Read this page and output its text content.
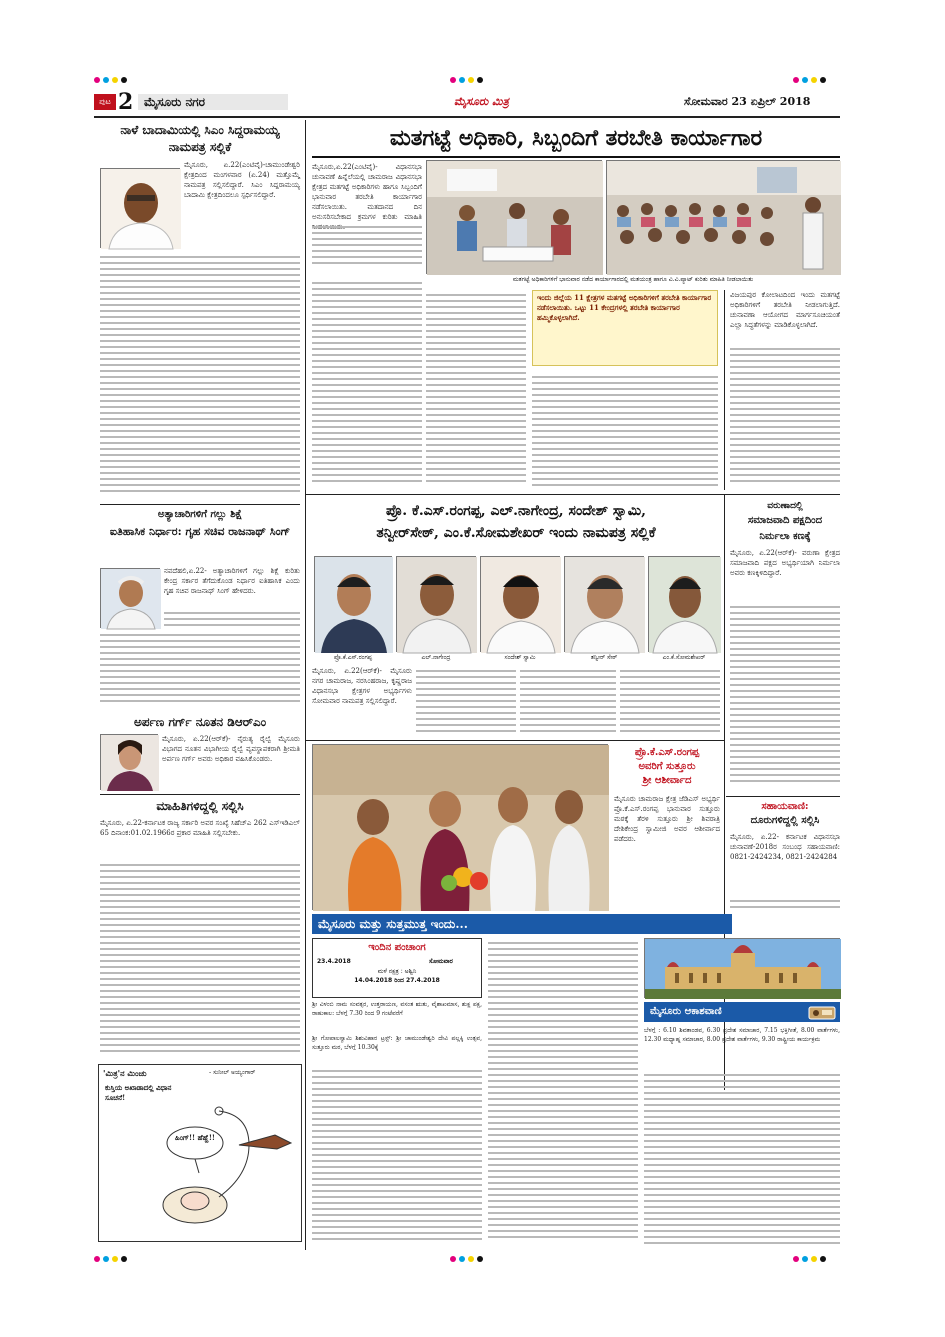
ಪುಟ 2 ಮೈಸೂರು ನಗರ	ಮೈಸೂರು ಮಿತ್ರ	ಸೋಮವಾರ 23 ಏಪ್ರಿಲ್ 2018
ನಾಳೆ ಬಾದಾಮಿಯಲ್ಲಿ ಸಿಎಂ ಸಿದ್ದರಾಮಯ್ಯ ನಾಮಪತ್ರ ಸಲ್ಲಿಕೆ
ಮೈಸೂರು, ಏ.22(ಎಂಟಿವೈ)-ಚಾಮುಂಡೇಶ್ವರಿ ಕ್ಷೇತ್ರದಿಂದ ಮಂಗಳವಾರ (ಏ.24) ಮತ್ತೊಮ್ಮೆ ನಾಮಪತ್ರ ಸಲ್ಲಿಸಲಿದ್ದಾರೆ. ಸಿಎಂ ಸಿದ್ದರಾಮಯ್ಯ ಬಾದಾಮಿ ಕ್ಷೇತ್ರದಿಂದಲೂ ಸ್ಪರ್ಧಿಸಲಿದ್ದಾರೆ.
ಅತ್ಯಾಚಾರಿಗಳಿಗೆ ಗಲ್ಲು ಶಿಕ್ಷೆ
ಐತಿಹಾಸಿಕ ನಿರ್ಧಾರ: ಗೃಹ ಸಚಿವ ರಾಜನಾಥ್ ಸಿಂಗ್
ನವದೆಹಲಿ,ಏ.22- ಅತ್ಯಾಚಾರಿಗಳಿಗೆ ಗಲ್ಲು ಶಿಕ್ಷೆ ಕುರಿತು ಕೇಂದ್ರ ಸರ್ಕಾರ ತೆಗೆದುಕೊಂಡ ನಿರ್ಧಾರ ಐತಿಹಾಸಿಕ ಎಂದು ಗೃಹ ಸಚಿವ ರಾಜನಾಥ್ ಸಿಂಗ್ ಹೇಳಿದರು.
ಅರ್ಪಣ ಗರ್ಗ್ ನೂತನ ಡಿಆರ್‌ಎಂ
ಮೈಸೂರು, ಏ.22(ಆರ್‌ಕೆ)- ನೈರುತ್ಯ ರೈಲ್ವೆ ಮೈಸೂರು ವಿಭಾಗದ ನೂತನ ವಿಭಾಗೀಯ ರೈಲ್ವೆ ವ್ಯವಸ್ಥಾಪಕರಾಗಿ ಶ್ರೀಮತಿ ಅರ್ಪಣ ಗರ್ಗ್ ಅವರು ಅಧಿಕಾರ ವಹಿಸಿಕೊಂಡರು.
ಮಾಹಿತಿಗಳಿದ್ದಲ್ಲಿ ಸಲ್ಲಿಸಿ
ಮೈಸೂರು, ಏ.22-ಕರ್ನಾಟಕ ರಾಜ್ಯ ಸರ್ಕಾರಿ ಅವರ ಸಂಖ್ಯೆ ಸಿಹೆಚ್‌ಎ 262 ಎಸ್‌ಇಡಿಎಲ್ 65 ದಿನಾಂಕ:01.02.1966ರ ಪ್ರಕಾರ ಮಾಹಿತಿ ಸಲ್ಲಿಸಬೇಕು.
'ಮಿತ್ರ'ನ ಮಿಂಚು	- ಸುನೀಲ್ ಅಯ್ಯಂಗಾರ್
ಕುಸ್ತಿಯ ಅಖಾಡಾದಲ್ಲಿ ವಿಧಾನ ಸೂಚನೆ!
ಹಿಂಗ್!! ಹೆಹ್ಹೆ!!
ಮತಗಟ್ಟೆ ಅಧಿಕಾರಿ, ಸಿಬ್ಬಂದಿಗೆ ತರಬೇತಿ ಕಾರ್ಯಾಗಾರ
ಮೈಸೂರು,ಏ.22(ಎಂಟಿವೈ)- ವಿಧಾನಸಭಾ ಚುನಾವಣೆ ಹಿನ್ನೆಲೆಯಲ್ಲಿ ಚಾಮರಾಜ ವಿಧಾನಸಭಾ ಕ್ಷೇತ್ರದ ಮತಗಟ್ಟೆ ಅಧಿಕಾರಿಗಳು ಹಾಗೂ ಸಿಬ್ಬಂದಿಗೆ ಭಾನುವಾರ ತರಬೇತಿ ಕಾರ್ಯಾಗಾರ ನಡೆಸಲಾಯಿತು. ಮತದಾನದ ದಿನ ಅನುಸರಿಸಬೇಕಾದ ಕ್ರಮಗಳ ಕುರಿತು ಮಾಹಿತಿ
ಮತಗಟ್ಟೆ ಅಧಿಕಾರಿಗಳಿಗೆ ಭಾನುವಾರ ನಡೆದ ಕಾರ್ಯಾಗಾರದಲ್ಲಿ ಮತಯಂತ್ರ ಹಾಗೂ ವಿ.ವಿ.ಪ್ಯಾಟ್ ಕುರಿತು ಮಾಹಿತಿ ನೀಡಲಾಯಿತು
ಇಂದು ಜಿಲ್ಲೆಯ 11 ಕ್ಷೇತ್ರಗಳ ಮತಗಟ್ಟೆ ಅಧಿಕಾರಿಗಳಿಗೆ ತರಬೇತಿ ಕಾರ್ಯಾಗಾರ ನಡೆಸಲಾಯಿತು. ಒಟ್ಟು 11 ಕೇಂದ್ರಗಳಲ್ಲಿ ತರಬೇತಿ ಕಾರ್ಯಾಗಾರ ಹಮ್ಮಿಕೊಳ್ಳಲಾಗಿದೆ.
ವಿಜಯಪುರ ಕೋಲಾಟದಿಂದ ಇಂದು ಮತಗಟ್ಟೆ ಅಧಿಕಾರಿಗಳಿಗೆ ತರಬೇತಿ ನೀಡಲಾಗುತ್ತಿದೆ. ಚುನಾವಣಾ ಆಯೋಗದ ಮಾರ್ಗಸೂಚಿಯಂತೆ ಎಲ್ಲಾ ಸಿದ್ಧತೆಗಳನ್ನು ಮಾಡಿಕೊಳ್ಳಲಾಗಿದೆ.
ಪ್ರೊ. ಕೆ.ಎಸ್.ರಂಗಪ್ಪ, ಎಲ್.ನಾಗೇಂದ್ರ, ಸಂದೇಶ್ ಸ್ವಾಮಿ,
ತನ್ವೀರ್‌ಸೇಠ್, ಎಂ.ಕೆ.ಸೋಮಶೇಖರ್ ಇಂದು ನಾಮಪತ್ರ ಸಲ್ಲಿಕೆ
ಪ್ರೊ.ಕೆ.ಎಸ್.ರಂಗಪ್ಪ	ಎಲ್.ನಾಗೇಂದ್ರ	ಸಂದೇಶ್ ಸ್ವಾಮಿ	ತನ್ವೀರ್ ಸೇಠ್	ಎಂ.ಕೆ.ಸೋಮಶೇಖರ್
ಮೈಸೂರು, ಏ.22(ಆರ್‌ಕೆ)- ಮೈಸೂರು ನಗರ ಚಾಮರಾಜ, ನರಸಿಂಹರಾಜ, ಕೃಷ್ಣರಾಜ ವಿಧಾನಸಭಾ ಕ್ಷೇತ್ರಗಳ ಅಭ್ಯರ್ಥಿಗಳು ಸೋಮವಾರ ನಾಮಪತ್ರ ಸಲ್ಲಿಸಲಿದ್ದಾರೆ.
ವರುಣಾದಲ್ಲಿ
ಸಮಾಜವಾದಿ ಪಕ್ಷದಿಂದ
ನಿರ್ಮಲಾ ಕಣಕ್ಕೆ
ಮೈಸೂರು, ಏ.22(ಆರ್‌ಕೆ)- ವರುಣಾ ಕ್ಷೇತ್ರದ ಸಮಾಜವಾದಿ ಪಕ್ಷದ ಅಭ್ಯರ್ಥಿಯಾಗಿ ನಿರ್ಮಲಾ ಅವರು ಕಣಕ್ಕಿಳಿದಿದ್ದಾರೆ.
ಪ್ರೊ.ಕೆ.ಎಸ್.ರಂಗಪ್ಪ
ಅವರಿಗೆ ಸುತ್ತೂರು
ಶ್ರೀ ಆಶೀರ್ವಾದ
ಮೈಸೂರು ಚಾಮರಾಜ ಕ್ಷೇತ್ರ ಜೆಡಿಎಸ್ ಅಭ್ಯರ್ಥಿ ಪ್ರೊ.ಕೆ.ಎಸ್.ರಂಗಪ್ಪ ಭಾನುವಾರ ಸುತ್ತೂರು ಮಠಕ್ಕೆ ತೆರಳಿ ಸುತ್ತೂರು ಶ್ರೀ ಶಿವರಾತ್ರಿ ದೇಶಿಕೇಂದ್ರ ಸ್ವಾಮೀಜಿ ಅವರ ಆಶೀರ್ವಾದ ಪಡೆದರು.
ಸಹಾಯವಾಣಿ:
ದೂರುಗಳಿದ್ದಲ್ಲಿ ಸಲ್ಲಿಸಿ
ಮೈಸೂರು, ಏ.22- ಕರ್ನಾಟಕ ವಿಧಾನಸಭಾ ಚುನಾವಣೆ-2018ರ ಸಂಬಂಧ ಸಹಾಯವಾಣಿ: 0821-2424234, 0821-2424284
ಮೈಸೂರು ಮತ್ತು ಸುತ್ತಮುತ್ತ ಇಂದು...
ಇಂದಿನ ಪಂಚಾಂಗ
23.4.2018	ಸೋಮವಾರ
ಮಳೆ ನಕ್ಷತ್ರ : ಅಶ್ವಿನಿ
14.04.2018 ರಿಂದ 27.4.2018
ಶ್ರೀ ವಿಳಂಬಿ ನಾಮ ಸಂವತ್ಸರ, ಉತ್ತರಾಯಣ, ವಸಂತ ಋತು, ವೈಶಾಖಮಾಸ, ಶುಕ್ಲ ಪಕ್ಷ, ರಾಹುಕಾಲ: ಬೆಳಗ್ಗೆ 7.30 ರಿಂದ 9 ಗಂಟೆವರೆಗೆ
ಶ್ರೀ ಗೋಪಾಲಸ್ವಾಮಿ ಶಿಶುವಿಹಾರ ಟ್ರಸ್ಟ್: ಶ್ರೀ ಚಾಮುಂಡೇಶ್ವರಿ ದೇವಿ ಪಲ್ಲಕ್ಕಿ ಉತ್ಸವ, ಸುತ್ತೂರು ಮಠ, ಬೆಳಗ್ಗೆ 10.30ಕ್ಕೆ
ಮೈಸೂರು ಆಕಾಶವಾಣಿ
ಬೆಳಗ್ಗೆ : 6.10 ಶಿವತಾಂಡವ, 6.30 ಪ್ರದೇಶ ಸಮಾಚಾರ, 7.15 ಭಕ್ತಿಗೀತೆ, 8.00 ವಾರ್ತೆಗಳು, 12.30 ಮಧ್ಯಾಹ್ನ ಸಮಾಚಾರ, 8.00 ಪ್ರದೇಶ ವಾರ್ತೆಗಳು, 9.30 ರಾಷ್ಟ್ರೀಯ ಕಾರ್ಯಕ್ರಮ
